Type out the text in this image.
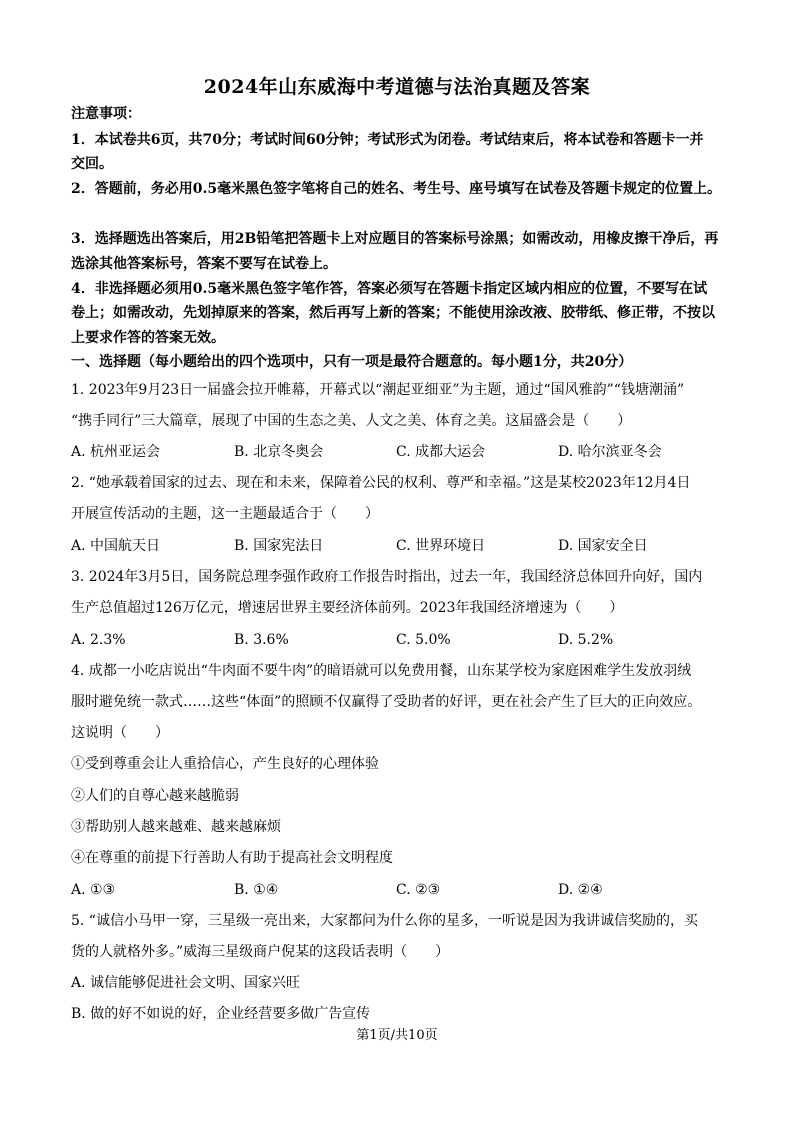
2024年山东威海中考道德与法治真题及答案
注意事项：
1．本试卷共6页，共70分；考试时间60分钟；考试形式为闭卷。考试结束后，将本试卷和答题卡一并
交回。
2．答题前，务必用0.5毫米黑色签字笔将自己的姓名、考生号、座号填写在试卷及答题卡规定的位置上。
3．选择题选出答案后，用2B铅笔把答题卡上对应题目的答案标号涂黑；如需改动，用橡皮擦干净后，再
选涂其他答案标号，答案不要写在试卷上。
4．非选择题必须用0.5毫米黑色签字笔作答，答案必须写在答题卡指定区域内相应的位置，不要写在试
卷上；如需改动，先划掉原来的答案，然后再写上新的答案；不能使用涂改液、胶带纸、修正带，不按以
上要求作答的答案无效。
一、选择题（每小题给出的四个选项中，只有一项是最符合题意的。每小题1分，共20分）
1. 2023年9月23日一届盛会拉开帷幕，开幕式以“潮起亚细亚”为主题，通过“国风雅韵”“钱塘潮涌”
“携手同行”三大篇章，展现了中国的生态之美、人文之美、体育之美。这届盛会是（　　）
A. 杭州亚运会	B. 北京冬奥会	C. 成都大运会	D. 哈尔滨亚冬会
2. “她承载着国家的过去、现在和未来，保障着公民的权利、尊严和幸福。”这是某校2023年12月4日
开展宣传活动的主题，这一主题最适合于（　　）
A. 中国航天日	B. 国家宪法日	C. 世界环境日	D. 国家安全日
3. 2024年3月5日，国务院总理李强作政府工作报告时指出，过去一年，我国经济总体回升向好，国内
生产总值超过126万亿元，增速居世界主要经济体前列。2023年我国经济增速为（　　）
A. 2.3%	B. 3.6%	C. 5.0%	D. 5.2%
4. 成都一小吃店说出“牛肉面不要牛肉”的暗语就可以免费用餐，山东某学校为家庭困难学生发放羽绒
服时避免统一款式……这些“体面”的照顾不仅赢得了受助者的好评，更在社会产生了巨大的正向效应。
这说明（　　）
①受到尊重会让人重拾信心，产生良好的心理体验
②人们的自尊心越来越脆弱
③帮助别人越来越难、越来越麻烦
④在尊重的前提下行善助人有助于提高社会文明程度
A. ①③	B. ①④	C. ②③	D. ②④
5. “诚信小马甲一穿，三星级一亮出来，大家都问为什么你的星多，一听说是因为我讲诚信奖励的，买
货的人就格外多。”威海三星级商户倪某的这段话表明（　　）
A. 诚信能够促进社会文明、国家兴旺
B. 做的好不如说的好，企业经营要多做广告宣传
第1页/共10页
